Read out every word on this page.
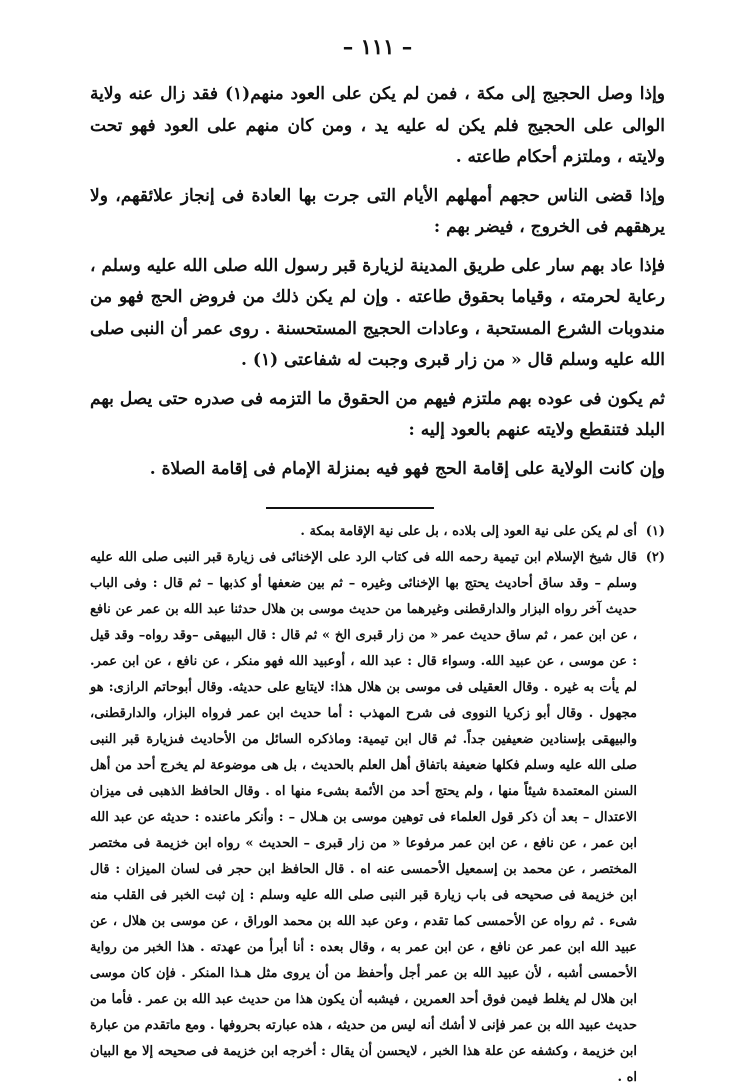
– ١١١ –

وإذا وصل الحجيج إلى مكة ، فمن لم يكن على العود منهم(١) فقد زال عنه ولاية الوالى على الحجيج فلم يكن له عليه يد ، ومن كان منهم على العود فهو تحت ولايته ، وملتزم أحكام طاعته .

وإذا قضى الناس حجهم أمهلهم الأيام التى جرت بها العادة فى إنجاز علائقهم، ولا يرهقهم فى الخروج ، فيضر بهم :

فإذا عاد بهم سار على طريق المدينة لزيارة قبر رسول الله صلى الله عليه وسلم ، رعاية لحرمته ، وقياما بحقوق طاعته . وإن لم يكن ذلك من فروض الحج فهو من مندوبات الشرع المستحبة ، وعادات الحجيج المستحسنة . روى عمر أن النبى صلى الله عليه وسلم قال « من زار قبرى وجبت له شفاعتى (١) .

ثم يكون فى عوده بهم ملتزم فيهم من الحقوق ما التزمه فى صدره حتى يصل بهم البلد فتنقطع ولايته عنهم بالعود إليه :

وإن كانت الولاية على إقامة الحج فهو فيه بمنزلة الإمام فى إقامة الصلاة .

(١)
أى لم يكن على نية العود إلى بلاده ، بل على نية الإقامة بمكة .
(٢)
قال شيخ الإسلام ابن تيمية رحمه الله فى كتاب الرد على الإخنائى فى زيارة قبر النبى صلى الله عليه وسلم – وقد ساق أحاديث يحتج بها الإخنائى وغيره – ثم بين ضعفها أو كذبها – ثم قال : وفى الباب حديث آخر رواه البزار والدارقطنى وغيرهما من حديث موسى بن هلال حدثنا عبد الله بن عمر عن نافع ، عن ابن عمر ، ثم ساق حديث عمر « من زار قبرى الخ » ثم قال : قال البيهقى –وقد رواه– وقد قيل : عن موسى ، عن عبيد الله. وسواء قال : عبد الله ، أوعبيد الله فهو منكر ، عن نافع ، عن ابن عمر. لم يأت به غيره . وقال العقيلى فى موسى بن هلال هذا: لايتابع على حديثه. وقال أبوحاتم الرازى: هو مجهول . وقال أبو زكريا النووى فى شرح المهذب : أما حديث ابن عمر فرواه البزار، والدارقطنى، والبيهقى بإسنادين ضعيفين جداً. ثم قال ابن تيمية: وماذكره السائل من الأحاديث فىزيارة قبر النبى صلى الله عليه وسلم فكلها ضعيفة باتفاق أهل العلم بالحديث ، بل هى موضوعة لم يخرج أحد من أهل السنن المعتمدة شيئاً منها ، ولم يحتج أحد من الأئمة بشىء منها اه . وقال الحافظ الذهبى فى ميزان الاعتدال – بعد أن ذكر قول العلماء فى توهين موسى بن هـلال – : وأنكر ماعنده : حديثه عن عبد الله ابن عمر ، عن نافع ، عن ابن عمر مرفوعا « من زار قبرى – الحديث » رواه ابن خزيمة فى مختصر المختصر ، عن محمد بن إسمعيل الأحمسى عنه اه . قال الحافظ ابن حجر فى لسان الميزان : قال ابن خزيمة فى صحيحه فى باب زيارة قبر النبى صلى الله عليه وسلم : إن ثبت الخبر فى القلب منه شىء . ثم رواه عن الأحمسى كما تقدم ، وعن عبد الله بن محمد الوراق ، عن موسى بن هلال ، عن عبيد الله ابن عمر عن نافع ، عن ابن عمر به ، وقال بعده : أنا أبرأ من عهدته . هذا الخبر من رواية الأحمسى أشبه ، لأن عبيد الله بن عمر أجل وأحفظ من أن يروى مثل هـذا المنكر . فإن كان موسى ابن هلال لم يغلط فيمن فوق أحد العمرين ، فيشبه أن يكون هذا من حديث عبد الله بن عمر . فأما من حديث عبيد الله بن عمر فإنى لا أشك أنه ليس من حديثه ، هذه عبارته بحروفها . ومع ماتقدم من عبارة ابن خزيمة ، وكشفه عن علة هذا الخبر ، لايحسن أن يقال : أخرجه ابن خزيمة فى صحيحه إلا مع البيان اه .
